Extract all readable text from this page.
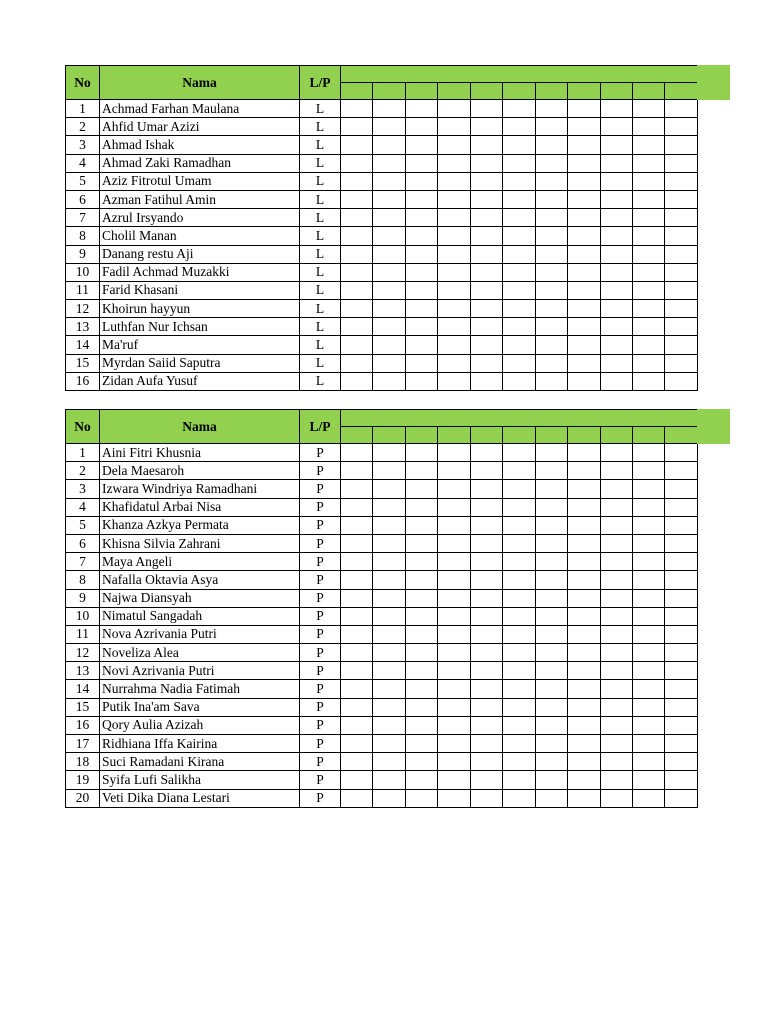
No	Nama	L/P											

1	Achmad Farhan Maulana	L											
2	Ahfid Umar Azizi	L											
3	Ahmad Ishak	L											
4	Ahmad Zaki Ramadhan	L											
5	Aziz Fitrotul Umam	L											
6	Azman Fatihul Amin	L											
7	Azrul Irsyando	L											
8	Cholil Manan	L											
9	Danang restu Aji	L											
10	Fadil Achmad Muzakki	L											
11	Farid Khasani	L											
12	Khoirun hayyun	L											
13	Luthfan Nur Ichsan	L											
14	Ma'ruf	L											
15	Myrdan Saiid Saputra	L											
16	Zidan Aufa Yusuf	L											
No	Nama	L/P											

1	Aini Fitri Khusnia	P											
2	Dela Maesaroh	P											
3	Izwara Windriya Ramadhani	P											
4	Khafidatul Arbai Nisa	P											
5	Khanza Azkya Permata	P											
6	Khisna Silvia Zahrani	P											
7	Maya Angeli	P											
8	Nafalla Oktavia Asya	P											
9	Najwa Diansyah	P											
10	Nimatul Sangadah	P											
11	Nova Azrivania Putri	P											
12	Noveliza Alea	P											
13	Novi Azrivania Putri	P											
14	Nurrahma Nadia Fatimah	P											
15	Putik Ina'am Sava	P											
16	Qory Aulia Azizah	P											
17	Ridhiana Iffa Kairina	P											
18	Suci Ramadani Kirana	P											
19	Syifa Lufi Salikha	P											
20	Veti Dika Diana Lestari	P											
